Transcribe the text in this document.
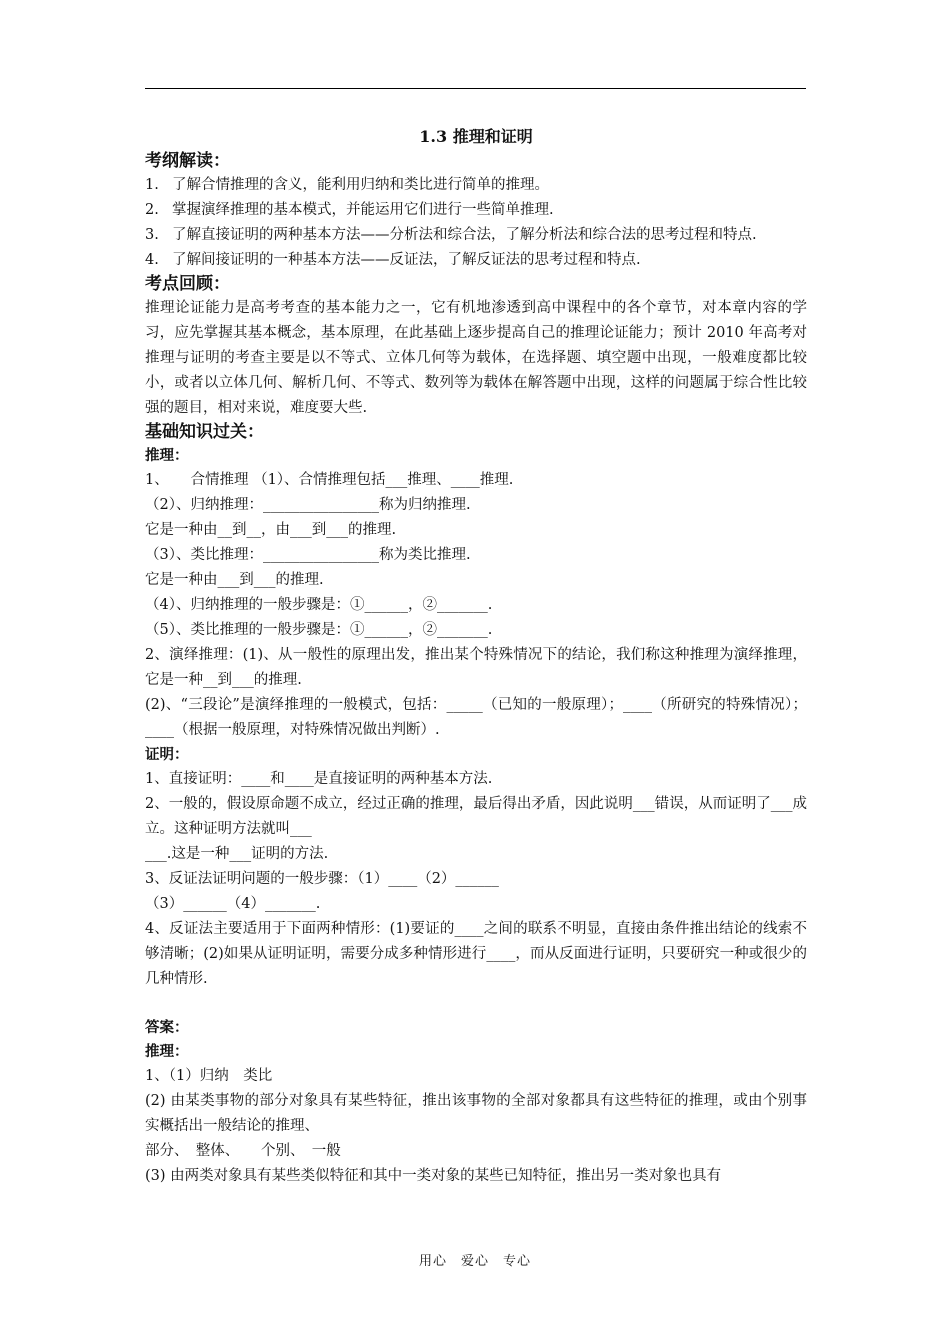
1.3 推理和证明
考纲解读：
1. 了解合情推理的含义，能利用归纳和类比进行简单的推理。
2. 掌握演绎推理的基本模式，并能运用它们进行一些简单推理.
3. 了解直接证明的两种基本方法——分析法和综合法，了解分析法和综合法的思考过程和特点.
4. 了解间接证明的一种基本方法——反证法，了解反证法的思考过程和特点.
考点回顾：

推理论证能力是高考考查的基本能力之一，它有机地渗透到高中课程中的各个章节，对本章内容的学习，应先掌握其基本概念，基本原理，在此基础上逐步提高自己的推理论证能力；预计 2010 年高考对推理与证明的考查主要是以不等式、立体几何等为载体，在选择题、填空题中出现，一般难度都比较小，或者以立体几何、解析几何、不等式、数列等为载体在解答题中出现，这样的问题属于综合性比较强的题目，相对来说，难度要大些.

基础知识过关：
推理：

1、　　合情推理 （1）、合情推理包括___推理、____推理.

（2）、归纳推理：________________称为归纳推理.

它是一种由__到__，由___到___的推理.

（3）、类比推理：________________称为类比推理.

它是一种由___到___的推理.

（4）、归纳推理的一般步骤是：①______，②_______.

（5）、类比推理的一般步骤是：①______，②_______.

2、演绎推理：(1)、从一般性的原理出发，推出某个特殊情况下的结论，我们称这种推理为演绎推理，它是一种__到___的推理.

(2)、“三段论”是演绎推理的一般模式，包括：_____（已知的一般原理）；____（所研究的特殊情况）；____（根据一般原理，对特殊情况做出判断）.

证明：

1、直接证明：____和____是直接证明的两种基本方法.

2、一般的，假设原命题不成立，经过正确的推理，最后得出矛盾，因此说明___错误，从而证明了___成立。这种证明方法就叫___

___.这是一种___证明的方法.

3、反证法证明问题的一般步骤：（1）____（2）______

（3）______（4）_______.

4、反证法主要适用于下面两种情形：(1)要证的____之间的联系不明显，直接由条件推出结论的线索不够清晰；(2)如果从证明证明，需要分成多种情形进行____，而从反面进行证明，只要研究一种或很少的几种情形.

答案：
推理：

1、（1）归纳　类比

(2) 由某类事物的部分对象具有某些特征，推出该事物的全部对象都具有这些特征的推理，或由个别事实概括出一般结论的推理、

部分、　整体、　　个别、　一般

(3) 由两类对象具有某些类似特征和其中一类对象的某些已知特征，推出另一类对象也具有

用心　爱心　专心
